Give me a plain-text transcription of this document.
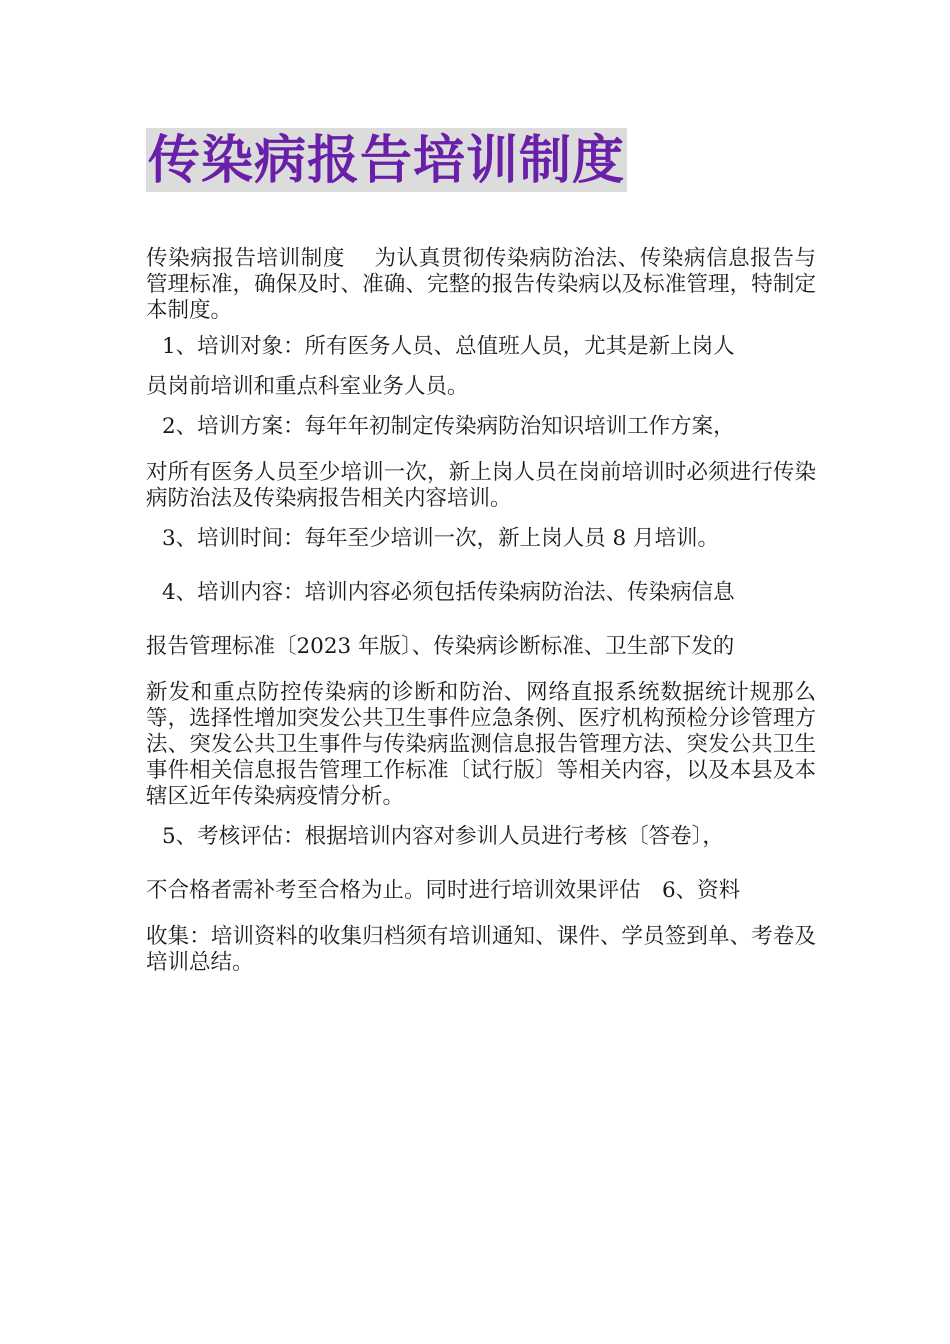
传染病报告培训制度

传染病报告培训制度　 为认真贯彻传染病防治法、传染病信息报告与管理标准，确保及时、准确、完整的报告传染病以及标准管理，特制定本制度。

1、培训对象：所有医务人员、总值班人员，尤其是新上岗人

员岗前培训和重点科室业务人员。

2、培训方案：每年年初制定传染病防治知识培训工作方案，

对所有医务人员至少培训一次，新上岗人员在岗前培训时必须进行传染病防治法及传染病报告相关内容培训。

3、培训时间：每年至少培训一次，新上岗人员 8 月培训。

4、培训内容：培训内容必须包括传染病防治法、传染病信息

报告管理标准〔2023 年版〕、传染病诊断标准、卫生部下发的

新发和重点防控传染病的诊断和防治、网络直报系统数据统计规那么等，选择性增加突发公共卫生事件应急条例、医疗机构预检分诊管理方法、突发公共卫生事件与传染病监测信息报告管理方法、突发公共卫生事件相关信息报告管理工作标准〔试行版〕等相关内容，以及本县及本辖区近年传染病疫情分析。

5、考核评估：根据培训内容对参训人员进行考核〔答卷〕，

不合格者需补考至合格为止。同时进行培训效果评估　6、资料

收集：培训资料的收集归档须有培训通知、课件、学员签到单、考卷及培训总结。
